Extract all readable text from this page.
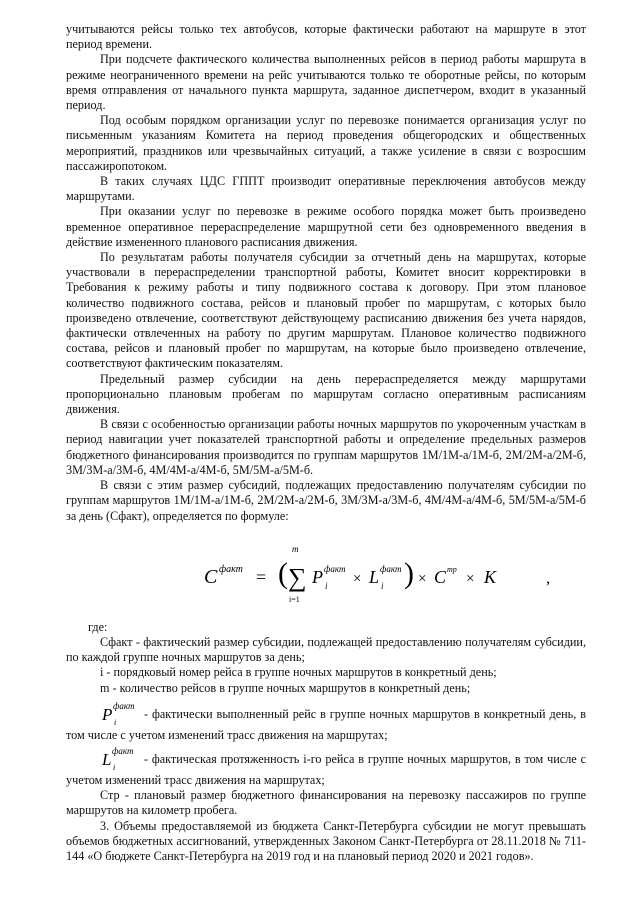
учитываются рейсы только тех автобусов, которые фактически работают на маршруте в этот период времени.

При подсчете фактического количества выполненных рейсов в период работы маршрута в режиме неограниченного времени на рейс учитываются только те оборотные рейсы, по которым время отправления от начального пункта маршрута, заданное диспетчером, входит в указанный период.

Под особым порядком организации услуг по перевозке понимается организация услуг по письменным указаниям Комитета на период проведения общегородских и общественных мероприятий, праздников или чрезвычайных ситуаций, а также усиление в связи с возросшим пассажиропотоком.

В таких случаях ЦДС ГППТ производит оперативные переключения автобусов между маршрутами.

При оказании услуг по перевозке в режиме особого порядка может быть произведено временное оперативное перераспределение маршрутной сети без одновременного введения в действие измененного планового расписания движения.

По результатам работы получателя субсидии за отчетный день на маршрутах, которые участвовали в перераспределении транспортной работы, Комитет вносит корректировки в Требования к режиму работы и типу подвижного состава к договору. При этом плановое количество подвижного состава, рейсов и плановый пробег по маршрутам, с которых было произведено отвлечение, соответствуют действующему расписанию движения без учета нарядов, фактически отвлеченных на работу по другим маршрутам. Плановое количество подвижного состава, рейсов и плановый пробег по маршрутам, на которые было произведено отвлечение, соответствуют фактическим показателям.

Предельный размер субсидии на день перераспределяется между маршрутами пропорционально плановым пробегам по маршрутам согласно оперативным расписаниям движения.

В связи с особенностью организации работы ночных маршрутов по укороченным участкам в период навигации учет показателей транспортной работы и определение предельных размеров бюджетного финансирования производится по группам маршрутов 1М/1М-а/1М-б, 2М/2М-а/2М-б, 3М/3М-а/3М-б, 4М/4М-а/4М-б, 5М/5М-а/5М-б.

В связи с этим размер субсидий, подлежащих предоставлению получателям субсидии по группам маршрутов 1М/1М-а/1М-б, 2М/2М-а/2М-б, 3М/3М-а/3М-б, 4М/4М-а/4М-б, 5М/5М-а/5М-б за день (Сфакт), определяется по формуле:

C факт = (
m
∑
i=1
P факт
i × L факт
i ) × C тр
× K	,

где:

Сфакт - фактический размер субсидии, подлежащей предоставлению получателям субсидии, по каждой группе ночных маршрутов за день;

i - порядковый номер рейса в группе ночных маршрутов в конкретный день;

m - количество рейсов в группе ночных маршрутов в конкретный день;

P факт
i
- фактически выполненный рейс в группе ночных маршрутов в конкретный день, в том числе с учетом изменений трасс движения на маршрутах;

L факт
i
- фактическая протяженность i-го рейса в группе ночных маршрутов, в том числе с учетом изменений трасс движения на маршрутах;

Стр - плановый размер бюджетного финансирования на перевозку пассажиров по группе маршрутов на километр пробега.

3. Объемы предоставляемой из бюджета Санкт-Петербурга субсидии не могут превышать объемов бюджетных ассигнований, утвержденных Законом Санкт-Петербурга от 28.11.2018 № 711-144 «О бюджете Санкт-Петербурга на 2019 год и на плановый период 2020 и 2021 годов».
